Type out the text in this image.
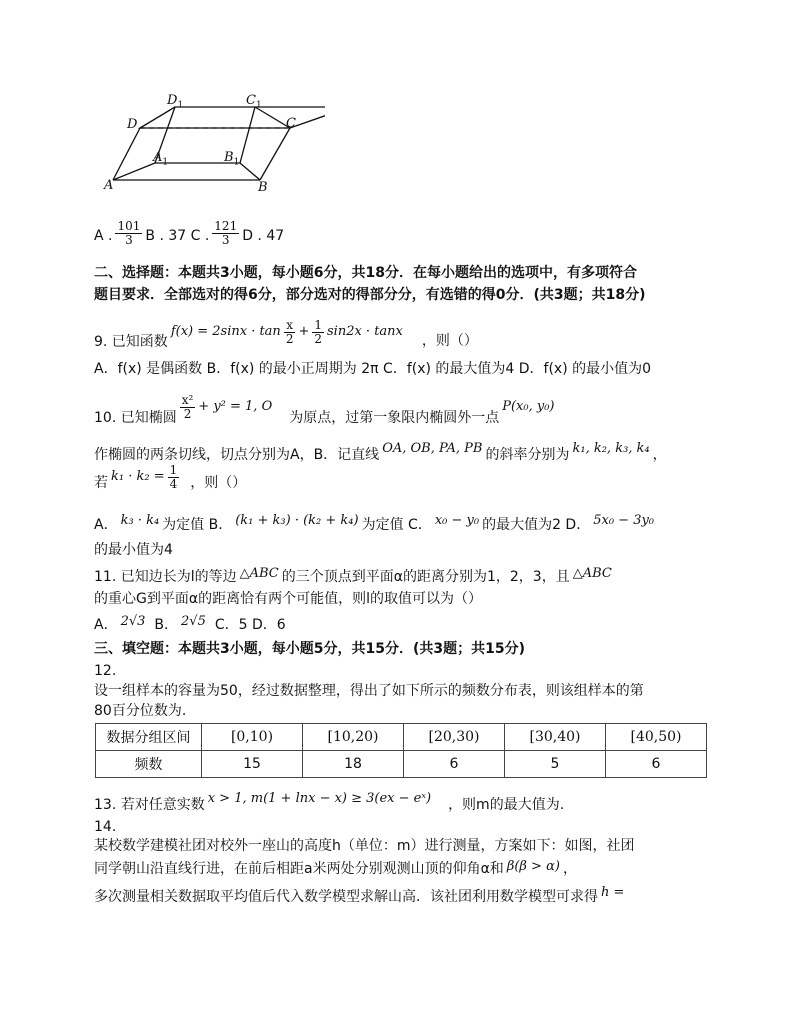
$D_1$	$C_1$
D	C
$A_1$	$B_1$
A	B
A . $\frac{101}{3}$ B . 37 C . $\frac{121}{3}$ D . 47
二、选择题：本题共3小题，每小题6分，共18分．在每小题给出的选项中，有多项符合
题目要求．全部选对的得6分，部分选对的得部分分，有选错的得0分．(共3题；共18分)
9. 已知函数
$f(x) = 2\sin x \cdot \tan \frac{x}{2} + \frac{1}{2} \sin 2x \cdot \tan x$
，则（）
A．f(x) 是偶函数 B．f(x) 的最小正周期为 2π C．f(x) 的最大值为4 D．f(x) 的最小值为0
10. 已知椭圆 $\frac{\text{x²}}{2} + y^2 = 1$, O
为原点，过第一象限内椭圆外一点
P(x₀, y₀)
作椭圆的两条切线，切点分别为A，B．记直线 OA, OB, PA, PB 的斜率分别为 k₁, k₂, k₃, k₄ ，
若 $k_1 \cdot k_2 = \frac{1}{4}$ ，则（）
A． k₃ · k₄ 为定值 B． (k₁ + k₃) · (k₂ + k₄) 为定值 C． x₀ − y₀ 的最大值为2 D． 5x₀ − 3y₀
的最小值为4
11. 已知边长为l的等边 △ABC 的三个顶点到平面α的距离分别为1，2，3，且 △ABC
的重心G到平面α的距离恰有两个可能值，则l的取值可以为（）
A． 2√3 B． 2√5 C．5 D．6
三、填空题：本题共3小题，每小题5分，共15分．(共3题；共15分)
12.
设一组样本的容量为50，经过数据整理，得出了如下所示的频数分布表，则该组样本的第
80百分位数为.
数据分组区间	[0,10)	[10,20)	[20,30)	[30,40)	[40,50)
频数	15	18	6	5	6
13. 若对任意实数 x > 1, m(1 + lnx − x) ≥ 3(ex − eˣ) ，则m的最大值为.
14.
某校数学建模社团对校外一座山的高度h（单位：m）进行测量，方案如下：如图，社团
同学朝山沿直线行进，在前后相距a米两处分别观测山顶的仰角α和 β(β > α) ，
多次测量相关数据取平均值后代入数学模型求解山高．该社团利用数学模型可求得 h =
